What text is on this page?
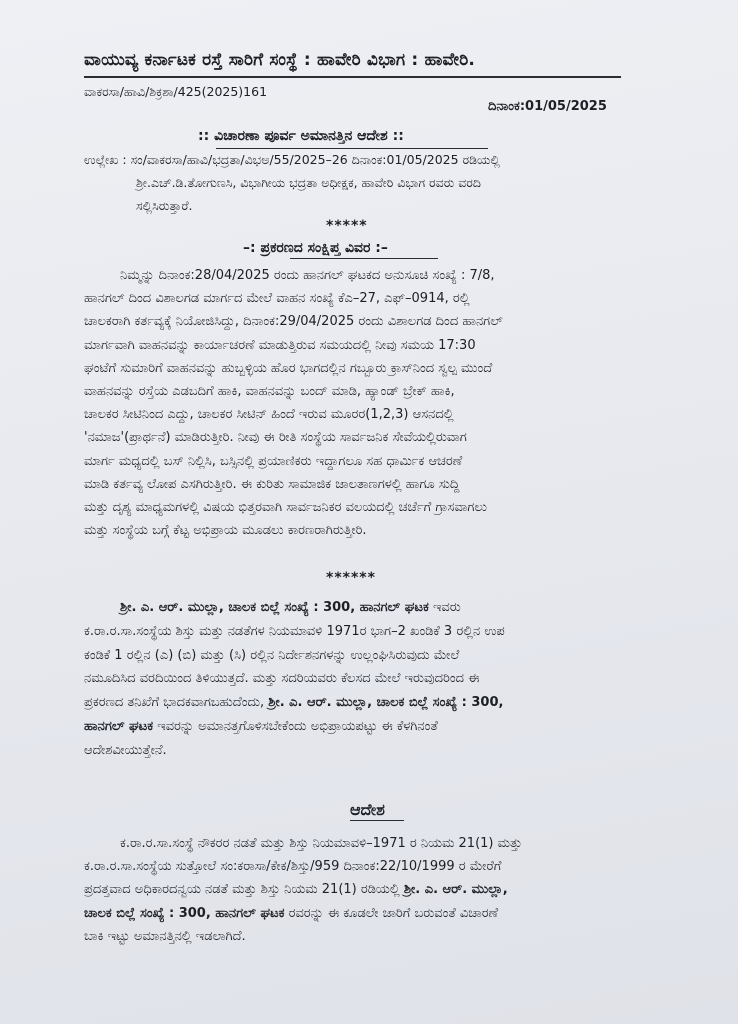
ವಾಯುವ್ಯ ಕರ್ನಾಟಕ ರಸ್ತೆ ಸಾರಿಗೆ ಸಂಸ್ಥೆ : ಹಾವೇರಿ ವಿಭಾಗ : ಹಾವೇರಿ.
ವಾಕರಸಾ/ಹಾವಿ/ಶಿಕ್ರಶಾ/425(2025)161
ದಿನಾಂಕ:01/05/2025
:: ವಿಚಾರಣಾ ಪೂರ್ವ ಅಮಾನತ್ತಿನ ಆದೇಶ ::
ಉಲ್ಲೇಖ : ಸಂ/ವಾಕರಸಾ/ಹಾವಿ/ಭದ್ರತಾ/ವಿಭಅ/55/2025–26 ದಿನಾಂಕ:01/05/2025 ರಡಿಯಲ್ಲಿ
ಶ್ರೀ.ಎಚ್.ಡಿ.ತೋಗುಣಸಿ, ವಿಭಾಗೀಯ ಭದ್ರತಾ ಅಧೀಕ್ಷಕ, ಹಾವೇರಿ ವಿಭಾಗ ರವರು ವರದಿ
ಸಲ್ಲಿಸಿರುತ್ತಾರೆ.
*****
–: ಪ್ರಕರಣದ ಸಂಕ್ಷಿಪ್ತ ವಿವರ :–
ನಿಮ್ಮನ್ನು ದಿನಾಂಕ:28/04/2025 ರಂದು ಹಾನಗಲ್ ಘಟಕದ ಅನುಸೂಚಿ ಸಂಖ್ಯೆ : 7/8,
ಹಾನಗಲ್ ದಿಂದ ವಿಶಾಲಗಡ ಮಾರ್ಗದ ಮೇಲೆ ವಾಹನ ಸಂಖ್ಯೆ ಕೆಎ–27, ಎಫ್–0914, ರಲ್ಲಿ
ಚಾಲಕರಾಗಿ ಕರ್ತವ್ಯಕ್ಕೆ ನಿಯೋಜಿಸಿದ್ದು, ದಿನಾಂಕ:29/04/2025 ರಂದು ವಿಶಾಲಗಡ ದಿಂದ ಹಾನಗಲ್
ಮಾರ್ಗವಾಗಿ ವಾಹನವನ್ನು ಕಾರ್ಯಾಚರಣೆ ಮಾಡುತ್ತಿರುವ ಸಮಯದಲ್ಲಿ ನೀವು ಸಮಯ 17:30
ಘಂಟೆಗೆ ಸುಮಾರಿಗೆ ವಾಹನವನ್ನು ಹುಬ್ಬಳ್ಳಿಯ ಹೊರ ಭಾಗದಲ್ಲಿನ ಗಬ್ಬೂರು ಕ್ರಾಸ್‌ನಿಂದ ಸ್ವಲ್ಪ ಮುಂದೆ
ವಾಹನವನ್ನು ರಸ್ತೆಯ ಎಡಬದಿಗೆ ಹಾಕಿ, ವಾಹನವನ್ನು ಬಂದ್ ಮಾಡಿ, ಹ್ಯಾಂಡ್ ಬ್ರೇಕ್ ಹಾಕಿ,
ಚಾಲಕರ ಸೀಟಿನಿಂದ ಎದ್ದು, ಚಾಲಕರ ಸೀಟಿನ್ ಹಿಂದೆ ಇರುವ ಮೂರರ(1,2,3) ಆಸನದಲ್ಲಿ
'ನಮಾಜ'(ಪ್ರಾರ್ಥನೆ) ಮಾಡಿರುತ್ತೀರಿ. ನೀವು ಈ ರೀತಿ ಸಂಸ್ಥೆಯ ಸಾರ್ವಜನಿಕ ಸೇವೆಯಲ್ಲಿರುವಾಗ
ಮಾರ್ಗ ಮಧ್ಯದಲ್ಲಿ ಬಸ್ ನಿಲ್ಲಿಸಿ, ಬಸ್ಸಿನಲ್ಲಿ ಪ್ರಯಾಣಿಕರು ಇದ್ದಾಗಲೂ ಸಹ ಧಾರ್ಮಿಕ ಆಚರಣೆ
ಮಾಡಿ ಕರ್ತವ್ಯ ಲೋಪ ಎಸಗಿರುತ್ತೀರಿ. ಈ ಕುರಿತು ಸಾಮಾಜಿಕ ಜಾಲತಾಣಗಳಲ್ಲಿ ಹಾಗೂ ಸುದ್ದಿ
ಮತ್ತು ದೃಶ್ಯ ಮಾಧ್ಯಮಗಳಲ್ಲಿ ವಿಷಯ ಭಿತ್ತರವಾಗಿ ಸಾರ್ವಜನಿಕರ ವಲಯದಲ್ಲಿ ಚರ್ಚೆಗೆ ಗ್ರಾಸವಾಗಲು
ಮತ್ತು ಸಂಸ್ಥೆಯ ಬಗ್ಗೆ ಕೆಟ್ಟ ಅಭಿಪ್ರಾಯ ಮೂಡಲು ಕಾರಣರಾಗಿರುತ್ತೀರಿ.
******
ಶ್ರೀ. ಎ. ಆರ್. ಮುಲ್ಲಾ, ಚಾಲಕ ಬಿಲ್ಲೆ ಸಂಖ್ಯೆ : 300, ಹಾನಗಲ್ ಘಟಕ ಇವರು
ಕ.ರಾ.ರ.ಸಾ.ಸಂಸ್ಥೆಯ ಶಿಸ್ತು ಮತ್ತು ನಡತೆಗಳ ನಿಯಮಾವಳಿ 1971ರ ಭಾಗ–2 ಖಂಡಿಕೆ 3 ರಲ್ಲಿನ ಉಪ
ಕಂಡಿಕೆ 1 ರಲ್ಲಿನ (ಎ) (ಬಿ) ಮತ್ತು (ಸಿ) ರಲ್ಲಿನ ನಿರ್ದೇಶನಗಳನ್ನು ಉಲ್ಲಂಘಿಸಿರುವುದು ಮೇಲೆ
ನಮೂದಿಸಿದ ವರದಿಯಿಂದ ತಿಳಿಯುತ್ತದೆ. ಮತ್ತು ಸದರಿಯವರು ಕೆಲಸದ ಮೇಲೆ ಇರುವುದರಿಂದ ಈ
ಪ್ರಕರಣದ ತನಿಖೆಗೆ ಭಾದಕವಾಗಬಹುದೆಂದು, ಶ್ರೀ. ಎ. ಆರ್. ಮುಲ್ಲಾ, ಚಾಲಕ ಬಿಲ್ಲೆ ಸಂಖ್ಯೆ : 300,
ಹಾನಗಲ್ ಘಟಕ ಇವರನ್ನು ಅಮಾನತ್ತಗೊಳಿಸಬೇಕೆಂದು ಅಭಿಪ್ರಾಯಪಟ್ಟು ಈ ಕೆಳಗಿನಂತೆ
ಆದೇಶವೀಯುತ್ತೇನೆ.
ಆದೇಶ
ಕ.ರಾ.ರ.ಸಾ.ಸಂಸ್ಥೆ ನೌಕರರ ನಡತೆ ಮತ್ತು ಶಿಸ್ತು ನಿಯಮಾವಳಿ–1971 ರ ನಿಯಮ 21(1) ಮತ್ತು
ಕ.ರಾ.ರ.ಸಾ.ಸಂಸ್ಥೆಯ ಸುತ್ತೋಲೆ ಸಂ:ಕರಾಸಾ/ಕೇಕ/ಶಿಸ್ತು/959 ದಿನಾಂಕ:22/10/1999 ರ ಮೇರೆಗೆ
ಪ್ರದತ್ತವಾದ ಅಧಿಕಾರದನ್ವಯ ನಡತೆ ಮತ್ತು ಶಿಸ್ತು ನಿಯಮ 21(1) ರಡಿಯಲ್ಲಿ ಶ್ರೀ. ಎ. ಆರ್. ಮುಲ್ಲಾ,
ಚಾಲಕ ಬಿಲ್ಲೆ ಸಂಖ್ಯೆ : 300, ಹಾನಗಲ್ ಘಟಕ ರವರನ್ನು ಈ ಕೂಡಲೇ ಜಾರಿಗೆ ಬರುವಂತೆ ವಿಚಾರಣೆ
ಬಾಕಿ ಇಟ್ಟು ಅಮಾನತ್ತಿನಲ್ಲಿ ಇಡಲಾಗಿದೆ.
